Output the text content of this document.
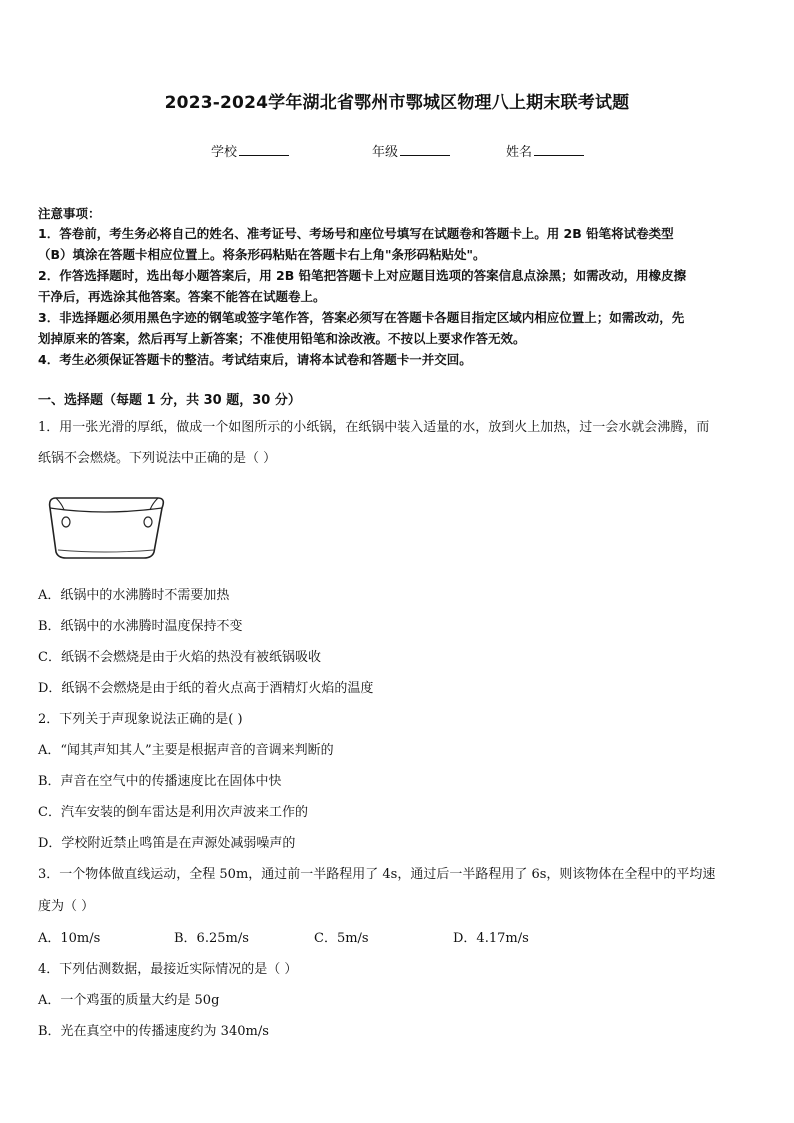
2023-2024学年湖北省鄂州市鄂城区物理八上期末联考试题
学校	年级	姓名
注意事项：
1．答卷前，考生务必将自己的姓名、准考证号、考场号和座位号填写在试题卷和答题卡上。用 2B 铅笔将试卷类型
（B）填涂在答题卡相应位置上。将条形码粘贴在答题卡右上角"条形码粘贴处"。
2．作答选择题时，选出每小题答案后，用 2B 铅笔把答题卡上对应题目选项的答案信息点涂黑；如需改动，用橡皮擦
干净后，再选涂其他答案。答案不能答在试题卷上。
3．非选择题必须用黑色字迹的钢笔或签字笔作答，答案必须写在答题卡各题目指定区域内相应位置上；如需改动，先
划掉原来的答案，然后再写上新答案；不准使用铅笔和涂改液。不按以上要求作答无效。
4．考生必须保证答题卡的整洁。考试结束后，请将本试卷和答题卡一并交回。
一、选择题（每题 1 分，共 30 题，30 分）
1．用一张光滑的厚纸，做成一个如图所示的小纸锅，在纸锅中装入适量的水，放到火上加热，过一会水就会沸腾，而
纸锅不会燃烧。下列说法中正确的是（ ）
A．纸锅中的水沸腾时不需要加热
B．纸锅中的水沸腾时温度保持不变
C．纸锅不会燃烧是由于火焰的热没有被纸锅吸收
D．纸锅不会燃烧是由于纸的着火点高于酒精灯火焰的温度
2．下列关于声现象说法正确的是( )
A．“闻其声知其人”主要是根据声音的音调来判断的
B．声音在空气中的传播速度比在固体中快
C．汽车安装的倒车雷达是利用次声波来工作的
D．学校附近禁止鸣笛是在声源处减弱噪声的
3．一个物体做直线运动，全程 50m，通过前一半路程用了 4s，通过后一半路程用了 6s，则该物体在全程中的平均速
度为（ ）
A．10m/s	B．6.25m/s	C．5m/s	D．4.17m/s
4．下列估测数据，最接近实际情况的是（ ）
A．一个鸡蛋的质量大约是 50g
B．光在真空中的传播速度约为 340m/s
